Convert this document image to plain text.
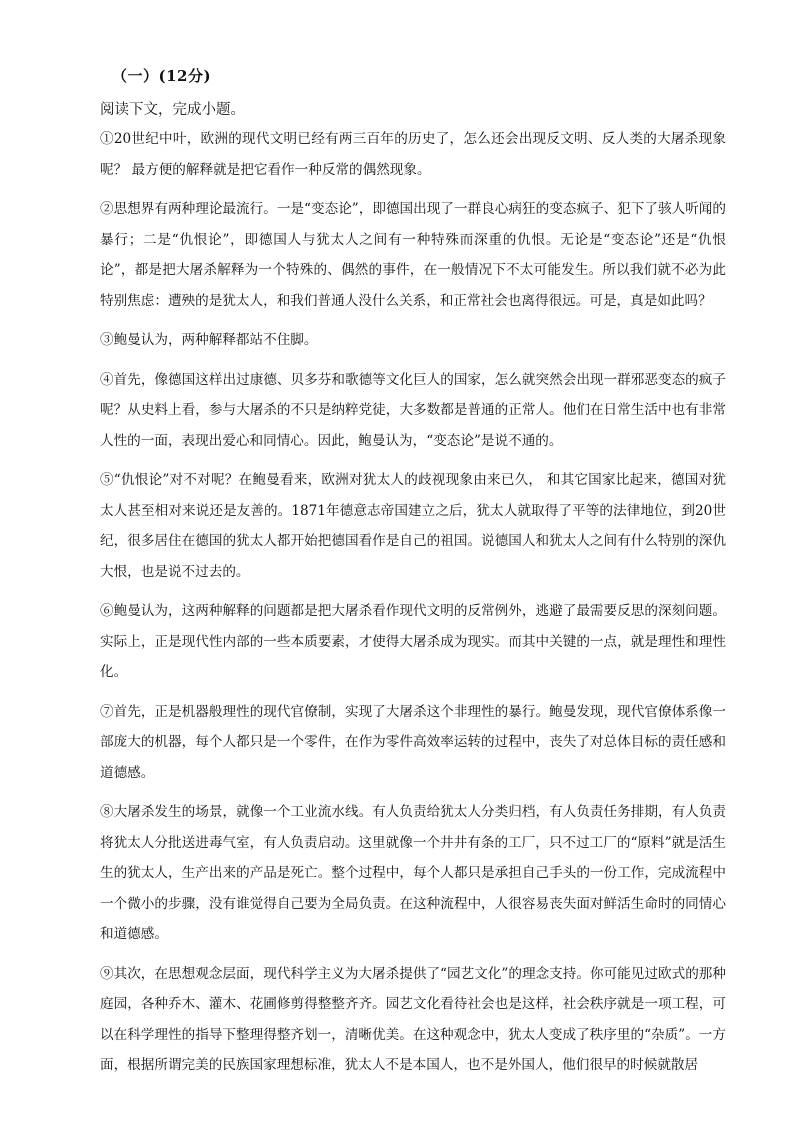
（一）(12分)
阅读下文，完成小题。

①20世纪中叶，欧洲的现代文明已经有两三百年的历史了，怎么还会出现反文明、反人类的大屠杀现象呢？ 最方便的解释就是把它看作一种反常的偶然现象。

②思想界有两种理论最流行。一是“变态论”，即德国出现了一群良心病狂的变态疯子、犯下了骇人听闻的暴行；二是“仇恨论”，即德国人与犹太人之间有一种特殊而深重的仇恨。无论是“变态论”还是“仇恨论”，都是把大屠杀解释为一个特殊的、偶然的事件，在一般情况下不太可能发生。所以我们就不必为此特别焦虑：遭殃的是犹太人，和我们普通人没什么关系，和正常社会也离得很远。可是，真是如此吗？

③鲍曼认为，两种解释都站不住脚。

④首先，像德国这样出过康德、贝多芬和歌德等文化巨人的国家，怎么就突然会出现一群邪恶变态的疯子呢？从史料上看，参与大屠杀的不只是纳粹党徒，大多数都是普通的正常人。他们在日常生活中也有非常人性的一面，表现出爱心和同情心。因此，鲍曼认为，“变态论”是说不通的。

⑤“仇恨论”对不对呢？在鲍曼看来，欧洲对犹太人的歧视现象由来已久， 和其它国家比起来，德国对犹太人甚至相对来说还是友善的。1871年德意志帝国建立之后，犹太人就取得了平等的法律地位，到20世纪，很多居住在德国的犹太人都开始把德国看作是自己的祖国。说德国人和犹太人之间有什么特别的深仇大恨，也是说不过去的。

⑥鲍曼认为，这两种解释的问题都是把大屠杀看作现代文明的反常例外，逃避了最需要反思的深刻问题。实际上，正是现代性内部的一些本质要素，才使得大屠杀成为现实。而其中关键的一点，就是理性和理性化。

⑦首先，正是机器般理性的现代官僚制，实现了大屠杀这个非理性的暴行。鲍曼发现，现代官僚体系像一部庞大的机器，每个人都只是一个零件，在作为零件高效率运转的过程中，丧失了对总体目标的责任感和道德感。

⑧大屠杀发生的场景，就像一个工业流水线。有人负责给犹太人分类归档，有人负责任务排期，有人负责将犹太人分批送进毒气室，有人负责启动。这里就像一个井井有条的工厂，只不过工厂的“原料”就是活生生的犹太人，生产出来的产品是死亡。整个过程中，每个人都只是承担自己手头的一份工作，完成流程中一个微小的步骤，没有谁觉得自己要为全局负责。在这种流程中，人很容易丧失面对鲜活生命时的同情心和道德感。

⑨其次，在思想观念层面，现代科学主义为大屠杀提供了“园艺文化”的理念支持。你可能见过欧式的那种庭园，各种乔木、灌木、花圃修剪得整整齐齐。园艺文化看待社会也是这样，社会秩序就是一项工程，可以在科学理性的指导下整理得整齐划一，清晰优美。在这种观念中，犹太人变成了秩序里的“杂质”。一方面，根据所谓完美的民族国家理想标准，犹太人不是本国人，也不是外国人，他们很早的时候就散居
